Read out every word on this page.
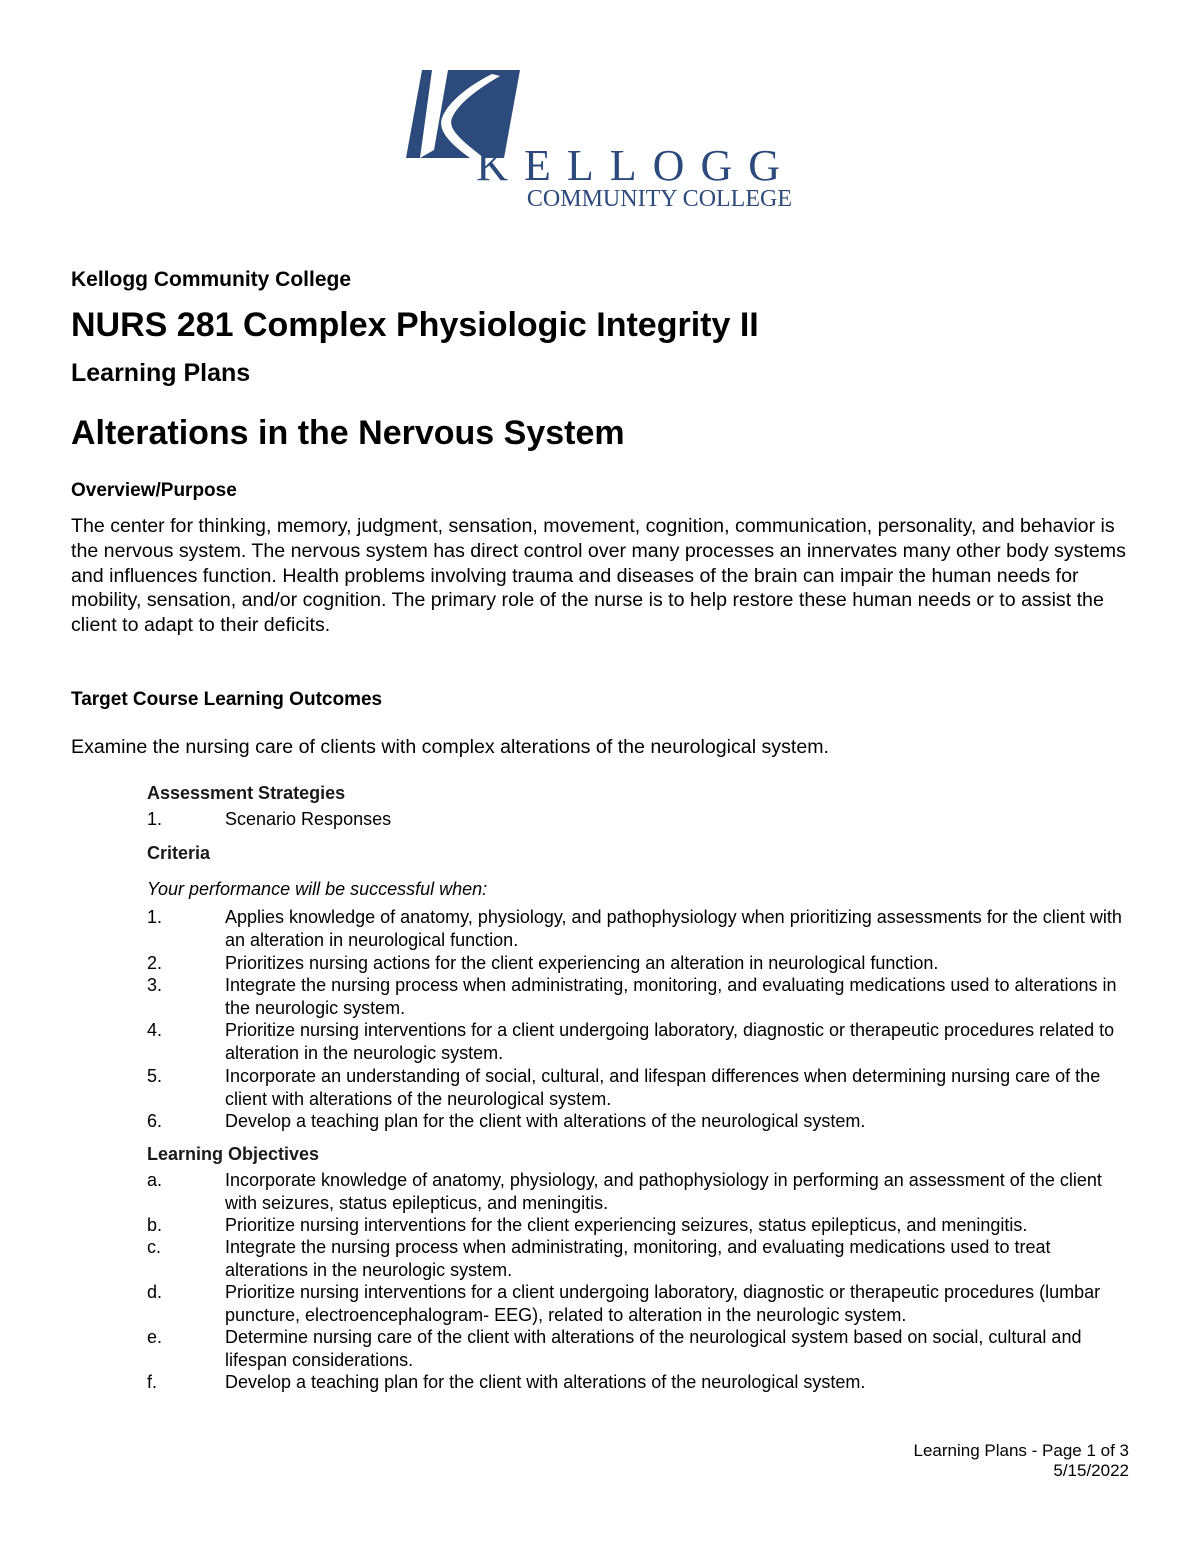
KELLOGG
COMMUNITY COLLEGE

Kellogg Community College

NURS 281 Complex Physiologic Integrity II
Learning Plans
Alterations in the Nervous System
Overview/Purpose

The center for thinking, memory, judgment, sensation, movement, cognition, communication, personality, and behavior is the nervous system. The nervous system has direct control over many processes an innervates many other body systems and influences function. Health problems involving trauma and diseases of the brain can impair the human needs for mobility, sensation, and/or cognition. The primary role of the nurse is to help restore these human needs or to assist the client to adapt to their deficits.

Target Course Learning Outcomes

Examine the nursing care of clients with complex alterations of the neurological system.

Assessment Strategies
1.	Scenario Responses
Criteria

Your performance will be successful when:

1.	Applies knowledge of anatomy, physiology, and pathophysiology when prioritizing assessments for the client with an alteration in neurological function.
2.	Prioritizes nursing actions for the client experiencing an alteration in neurological function.
3.	Integrate the nursing process when administrating, monitoring, and evaluating medications used to alterations in the neurologic system.
4.	Prioritize nursing interventions for a client undergoing laboratory, diagnostic or therapeutic procedures related to alteration in the neurologic system.
5.	Incorporate an understanding of social, cultural, and lifespan differences when determining nursing care of the client with alterations of the neurological system.
6.	Develop a teaching plan for the client with alterations of the neurological system.
Learning Objectives
a.	Incorporate knowledge of anatomy, physiology, and pathophysiology in performing an assessment of the client with seizures, status epilepticus, and meningitis.
b.	Prioritize nursing interventions for the client experiencing seizures, status epilepticus, and meningitis.
c.	Integrate the nursing process when administrating, monitoring, and evaluating medications used to treat alterations in the neurologic system.
d.	Prioritize nursing interventions for a client undergoing laboratory, diagnostic or therapeutic procedures (lumbar puncture, electroencephalogram- EEG), related to alteration in the neurologic system.
e.	Determine nursing care of the client with alterations of the neurological system based on social, cultural and lifespan considerations.
f.	Develop a teaching plan for the client with alterations of the neurological system.
Learning Plans - Page 1 of 3
5/15/2022
